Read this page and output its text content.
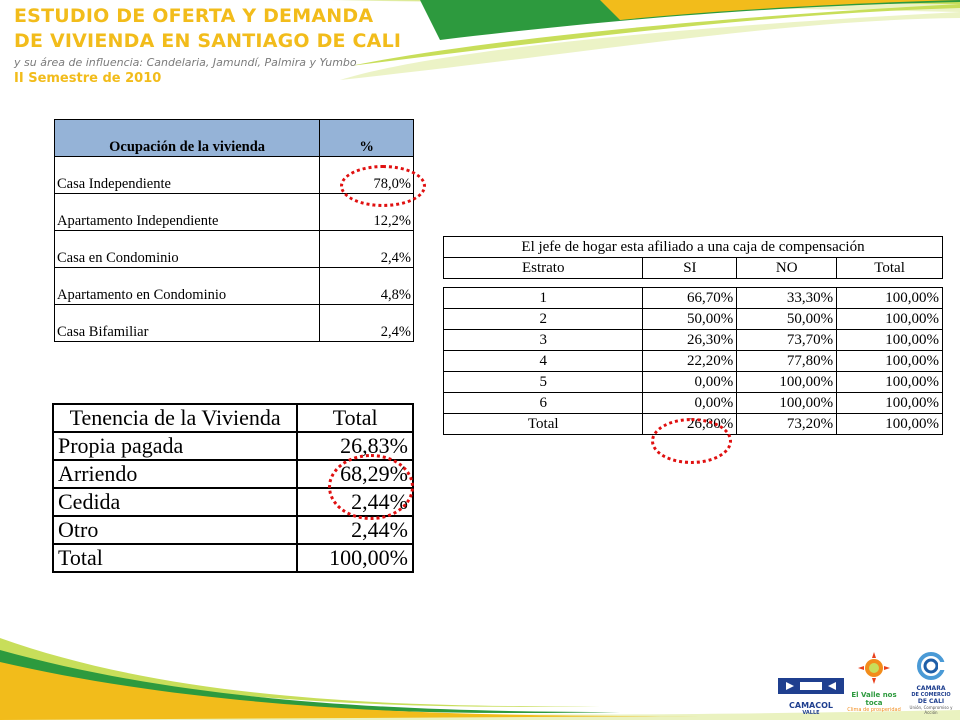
ESTUDIO DE OFERTA Y DEMANDA
DE VIVIENDA EN SANTIAGO DE CALI
y su área de influencia: Candelaria, Jamundí, Palmira y Yumbo
II Semestre de 2010
Ocupación de la vivienda	%
Casa Independiente	78,0%
Apartamento Independiente	12,2%
Casa en Condominio	2,4%
Apartamento en Condominio	4,8%
Casa Bifamiliar	2,4%
Tenencia de la Vivienda	Total
Propia pagada	26,83%
Arriendo	68,29%
Cedida	2,44%
Otro	2,44%
Total	100,00%
El jefe de hogar esta afiliado a una caja de compensación			
Estrato	SI	NO	Total

1	66,70%	33,30%	100,00%
2	50,00%	50,00%	100,00%
3	26,30%	73,70%	100,00%
4	22,20%	77,80%	100,00%
5	0,00%	100,00%	100,00%
6	0,00%	100,00%	100,00%
Total	26,80%	73,20%	100,00%
CAMACOL
VALLE
El Valle nos toca
Clima de prosperidad
CAMARA
DE COMERCIO
DE CALI
Unión, Compromiso y Acción
